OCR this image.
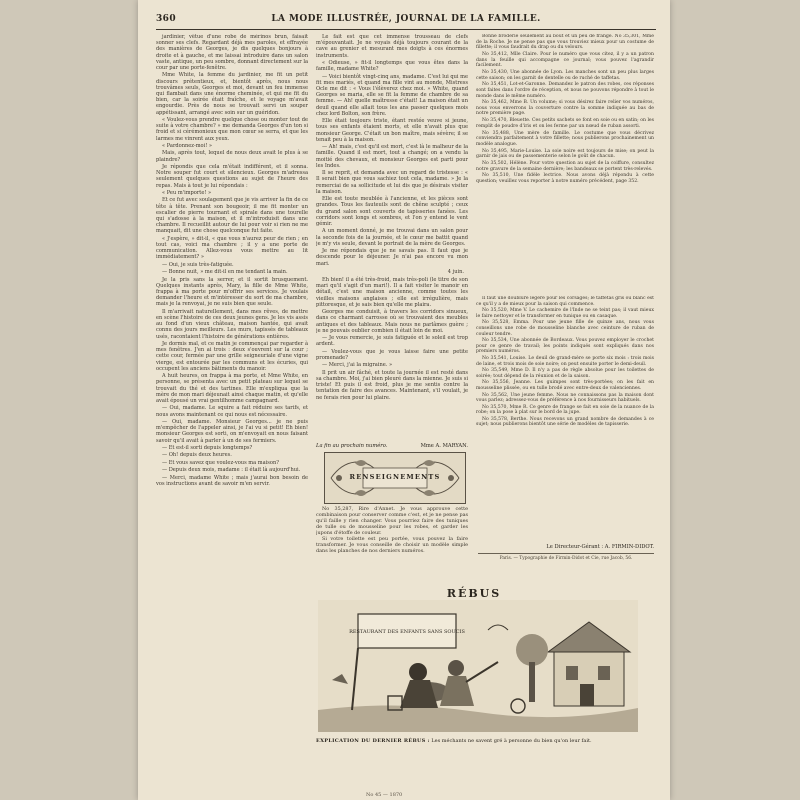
360	LA MODE ILLUSTRÉE, JOURNAL DE LA FAMILLE.

jardinier, vêtue d'une robe de mérinos brun, faisait sonner ses clefs. Regardant déjà mes paroles, et effrayée des manières de Georges, je dis quelques bonjours à droite et à gauche, et me laissai introduire dans un salon vaste, antique, un peu sombre, donnant directement sur la cour par une porte-fenêtre.

Mme White, la femme du jardinier, me fit un petit discours prétentieux, et, bientôt après, nous nous trouvâmes seuls, Georges et moi, devant un feu immense qui flambait dans une énorme cheminée, et qui me fit du bien, car la soirée était fraîche, et le voyage m'avait engourdie. Près de nous se trouvait servi un souper appétissant, arrangé avec soin sur un guéridon.

« Voulez-vous prendre quelque chose ou monter tout de suite à votre chambre? » me demanda Georges d'un ton si froid et si cérémonieux que mon cœur se serra, et que les larmes me vinrent aux yeux.

« Pardonnez-moi! »

Mais, après tout, lequel de nous deux avait le plus à se plaindre?

Je répondis que cela m'était indifférent, et il sonna. Notre souper fut court et silencieux. Georges m'adressa seulement quelques questions au sujet de l'heure des repas. Mais à tout je lui répondais :

« Peu m'importe! »

Et ce fut avec soulagement que je vis arriver la fin de ce tête à tête. Prenant son bougeoir, il me fit monter un escalier de pierre tournant et spirale dans une tourelle qui s'adosse à la maison, et il m'introduisit dans une chambre. Il recueillit autour de lui pour voir si rien ne me manquait, dit une chose quelconque fut faite.

« J'espère, » dit-il, « que vous n'aurez peur de rien ; en tout cas, voici ma chambre ; il y a une porte de communication. Allez-vous vous mettre au lit immédiatement? »

— Oui, je suis très-fatiguée.

— Bonne nuit, » me dit-il en me tendant la main.

Je la pris sans la serrer, et il sortit brusquement. Quelques instants après, Mary, la fille de Mme White, frappa à ma porte pour m'offrir ses services. Je voulais demander l'heure et m'intéresser du sort de ma chambre, mais je la renvoyai, je ne suis bien que seule.

Il m'arrivait naturellement, dans mes rêves, de mettre en scène l'histoire de ces deux jeunes gens. Je les vis assis au fond d'un vieux château, maison hantée, qui avait connu des jours meilleurs. Les murs, tapissés de tableaux usés, racontaient l'histoire de générations entières.

Je dormis mal, et ce matin je commençai par regarder à mes fenêtres. J'en ai trois : deux s'ouvrent sur la cour ; cette cour, fermée par une grille seigneuriale d'une vigne vierge, est entourée par les communs et les écuries, qui occupent les anciens bâtiments du manoir.

A huit heures, on frappa à ma porte, et Mme White, en personne, se présenta avec un petit plateau sur lequel se trouvait du thé et des tartines. Elle m'expliqua que la mère de mon mari déjeunait ainsi chaque matin, et qu'elle avait épousé un vrai gentilhomme campagnard.

— Oui, madame. Le squire a fait réduire ses tarifs, et nous avons maintenant ce qui nous est nécessaire.

— Oui, madame. Monsieur Georges... je ne puis m'empêcher de l'appeler ainsi, je l'ai vu si petit! Eh bien! monsieur Georges est sorti, on m'envoyait en nous faisant savoir qu'il avait à parler à un de ses fermiers.

— Et est-il sorti depuis longtemps?

— Oh! depuis deux heures.

— Et vous savez que voulez-vous ma maison?

— Depuis deux mois, madame : il était là aujourd'hui.

— Merci, madame White ; mais j'aurai bon besoin de vos instructions avant de savoir m'en servir.

Le fait est que cet immense trousseau de clefs m'épouvantait. Je ne voyais déjà toujours courant de la cave au grenier et mesurant mes doigts à ces énormes instruments.

« Odieuse, » fit-il longtemps que vous êtes dans la famille, madame White?

— Voici bientôt vingt-cinq ans, madame. C'est lui qui me fit mes mariés, et quand ma fille vint au monde, Mistress Ocle me dit : « Vous l'élèverez chez moi. » White, quand Georges se maria, elle se fit la femme de chambre de sa femme. — Ah! quelle maîtresse c'était! La maison était un deuil quand elle allait tous les ans passer quelques mois chez lord Bolton, son frère.

Elle était toujours triste, étant restée veuve si jeune, tous ses enfants étaient morts, et elle n'avait plus que monsieur George. C'était un bon maître, mais sévère; il se tenait peu à la maison.

— Ah! mais, c'est qu'il est mort, c'est là le malheur de la famille. Quand il est mort, tout a changé; on a vendu la moitié des chevaux, et monsieur Georges est parti pour les Indes.

Il se reprit, et demanda avec un regard de tristesse : « Il serait bien que vous sachiez tout cela, madame. » Je la remerciai de sa sollicitude et lui dis que je désirais visiter la maison.

Elle est toute meublée à l'ancienne, et les pièces sont grandes. Tous les fauteuils sont de chêne sculpté ; ceux du grand salon sont couverts de tapisseries fanées. Les corridors sont longs et sombres, et l'on y entend le vent gémir.

A un moment donné, je me trouvai dans un salon pour la seconde fois de la journée, et le cœur me battit quand je m'y vis seule, devant le portrait de la mère de Georges.

Je me répondais que je ne savais pas. Il faut que je descende pour le déjeuner. Je n'ai pas encore vu mon mari.

4 juin.

Eh bien! il a été très-froid, mais très-poli (le titre de son mari qu'il s'agit d'un mari!). Il a fait visiter le manoir en détail, c'est une maison ancienne, comme toutes les vieilles maisons anglaises ; elle est irrégulière, mais pittoresque, et je sais bien qu'elle me plaira.

Georges me conduisit, à travers les corridors sinueux, dans ce charmant carrosse où se trouvaient des meubles antiques et des tableaux. Mais nous ne parlâmes guère ; je ne pouvais oublier combien il était loin de moi.

— Je vous remercie, je suis fatiguée et le soleil est trop ardent.

— Voulez-vous que je vous laisse faire une petite promenade?

— Merci, j'ai la migraine. »

Il prit un air fâché, et toute la journée il est resté dans sa chambre. Moi, j'ai bien pleuré dans la mienne. Je suis si triste! Et puis il est froid, plus je me sentis contre la tentation de faire des avances. Maintenant, s'il voulait, je ne ferais rien pour lui plaire.

La fin au prochain numéro.	Mme A. MARYAN.
RENSEIGNEMENTS

No 35,287, Rire d'Annet. Je vous approuve cette combinaison pour conserver comme c'est, et je ne pense pas qu'il faille y rien changer. Vous pourriez faire des tuniques de tulle ou de mousseline pour les robes, et garder les jupons d'étoffe de couleur.

Si votre toilette est peu portée, vous pouvez la faire transformer. Je vous conseille de choisir un modèle simple dans les planches de nos derniers numéros.

Bonne broderie seulement au bout et un peu de frange. No 35,301, Mme de la Roche. Je ne pense pas que vous trouviez mieux pour un costume de fillette; il vous faudrait du drap ou du velours.

No 35,412, Mlle Claire. Pour le numéro que vous citez, il y a un patron dans la feuille qui accompagne ce journal; vous pouvez l'agrandir facilement.

No 35,430, Une abonnée de Lyon. Les manches sont un peu plus larges cette saison; on les garnit de dentelle ou de ruché de taffetas.

No 35,451, Lot-et-Garonne. Demandez le patron des robes, ces réponses sont faites dans l'ordre de réception, et nous ne pouvons répondre à tout le monde dans le même numéro.

No 35,462, Mme B. Un volume; si vous désirez faire relier vos numéros, nous vous enverrons la couverture contre la somme indiquée au bas de notre première page.

No 35,470, Bleuette. Ces petits sachets se font en soie ou en satin; on les remplit de poudre d'iris et on les ferme par un nœud de ruban assorti.

No 35,488, Une mère de famille. Le costume que vous décrivez conviendra parfaitement à votre fillette; nous publierons prochainement un modèle analogue.

No 35,495, Marie-Louise. La soie noire est toujours de mise; on peut la garnir de jais ou de passementerie selon le goût de chacun.

No 35,502, Hélène. Pour votre question au sujet de la coiffure, consultez notre gravure de la semaine dernière; les bandeaux se portent très-relevés.

No 35,510, Une fidèle lectrice. Nous avons déjà répondu à cette question; veuillez vous reporter à notre numéro précédent, page 352.

Il faut une doublure légère pour les corsages; le taffetas gris ou blanc est ce qu'il y a de mieux pour la saison qui commence.

No 35,520, Mme V. Le cachemire de l'Inde ne se teint pas; il vaut mieux le faire nettoyer et le transformer en tunique ou en casaque.

No 35,528, Emma. Pour une jeune fille de quinze ans, nous vous conseillons une robe de mousseline blanche avec ceinture de ruban de couleur tendre.

No 35,534, Une abonnée de Bordeaux. Vous pouvez employer le crochet pour ce genre de travail; les points indiqués sont expliqués dans nos premiers numéros.

No 35,541, Louise. Le deuil de grand-mère se porte six mois : trois mois de laine, et trois mois de soie noire; on peut ensuite porter le demi-deuil.

No 35,549, Mme D. Il n'y a pas de règle absolue pour les toilettes de soirée; tout dépend de la réunion et de la saison.

No 35,556, Jeanne. Les guimpes sont très-portées; on les fait en mousseline plissée, ou en tulle brodé avec entre-deux de valenciennes.

No 35,562, Une jeune femme. Nous ne connaissons pas la maison dont vous parlez; adressez-vous de préférence à nos fournisseurs habituels.

No 35,570, Mme R. Ce genre de frange se fait en soie de la nuance de la robe; on la pose à plat sur le bord de la jupe.

No 35,578, Berthe. Nous recevons un grand nombre de demandes à ce sujet; nous publierons bientôt une série de modèles de tapisserie.

Le Directeur-Gérant : A. FIRMIN-DIDOT.
Paris. — Typographie de Firmin-Didot et Cie, rue Jacob, 56.
RÉBUS
RESTAURANT DES ENFANTS SANS SOUCIS
EXPLICATION DU DERNIER RÉBUS : Les méchants ne savent gré à personne du bien qu'on leur fait.
No 45 — 1870
